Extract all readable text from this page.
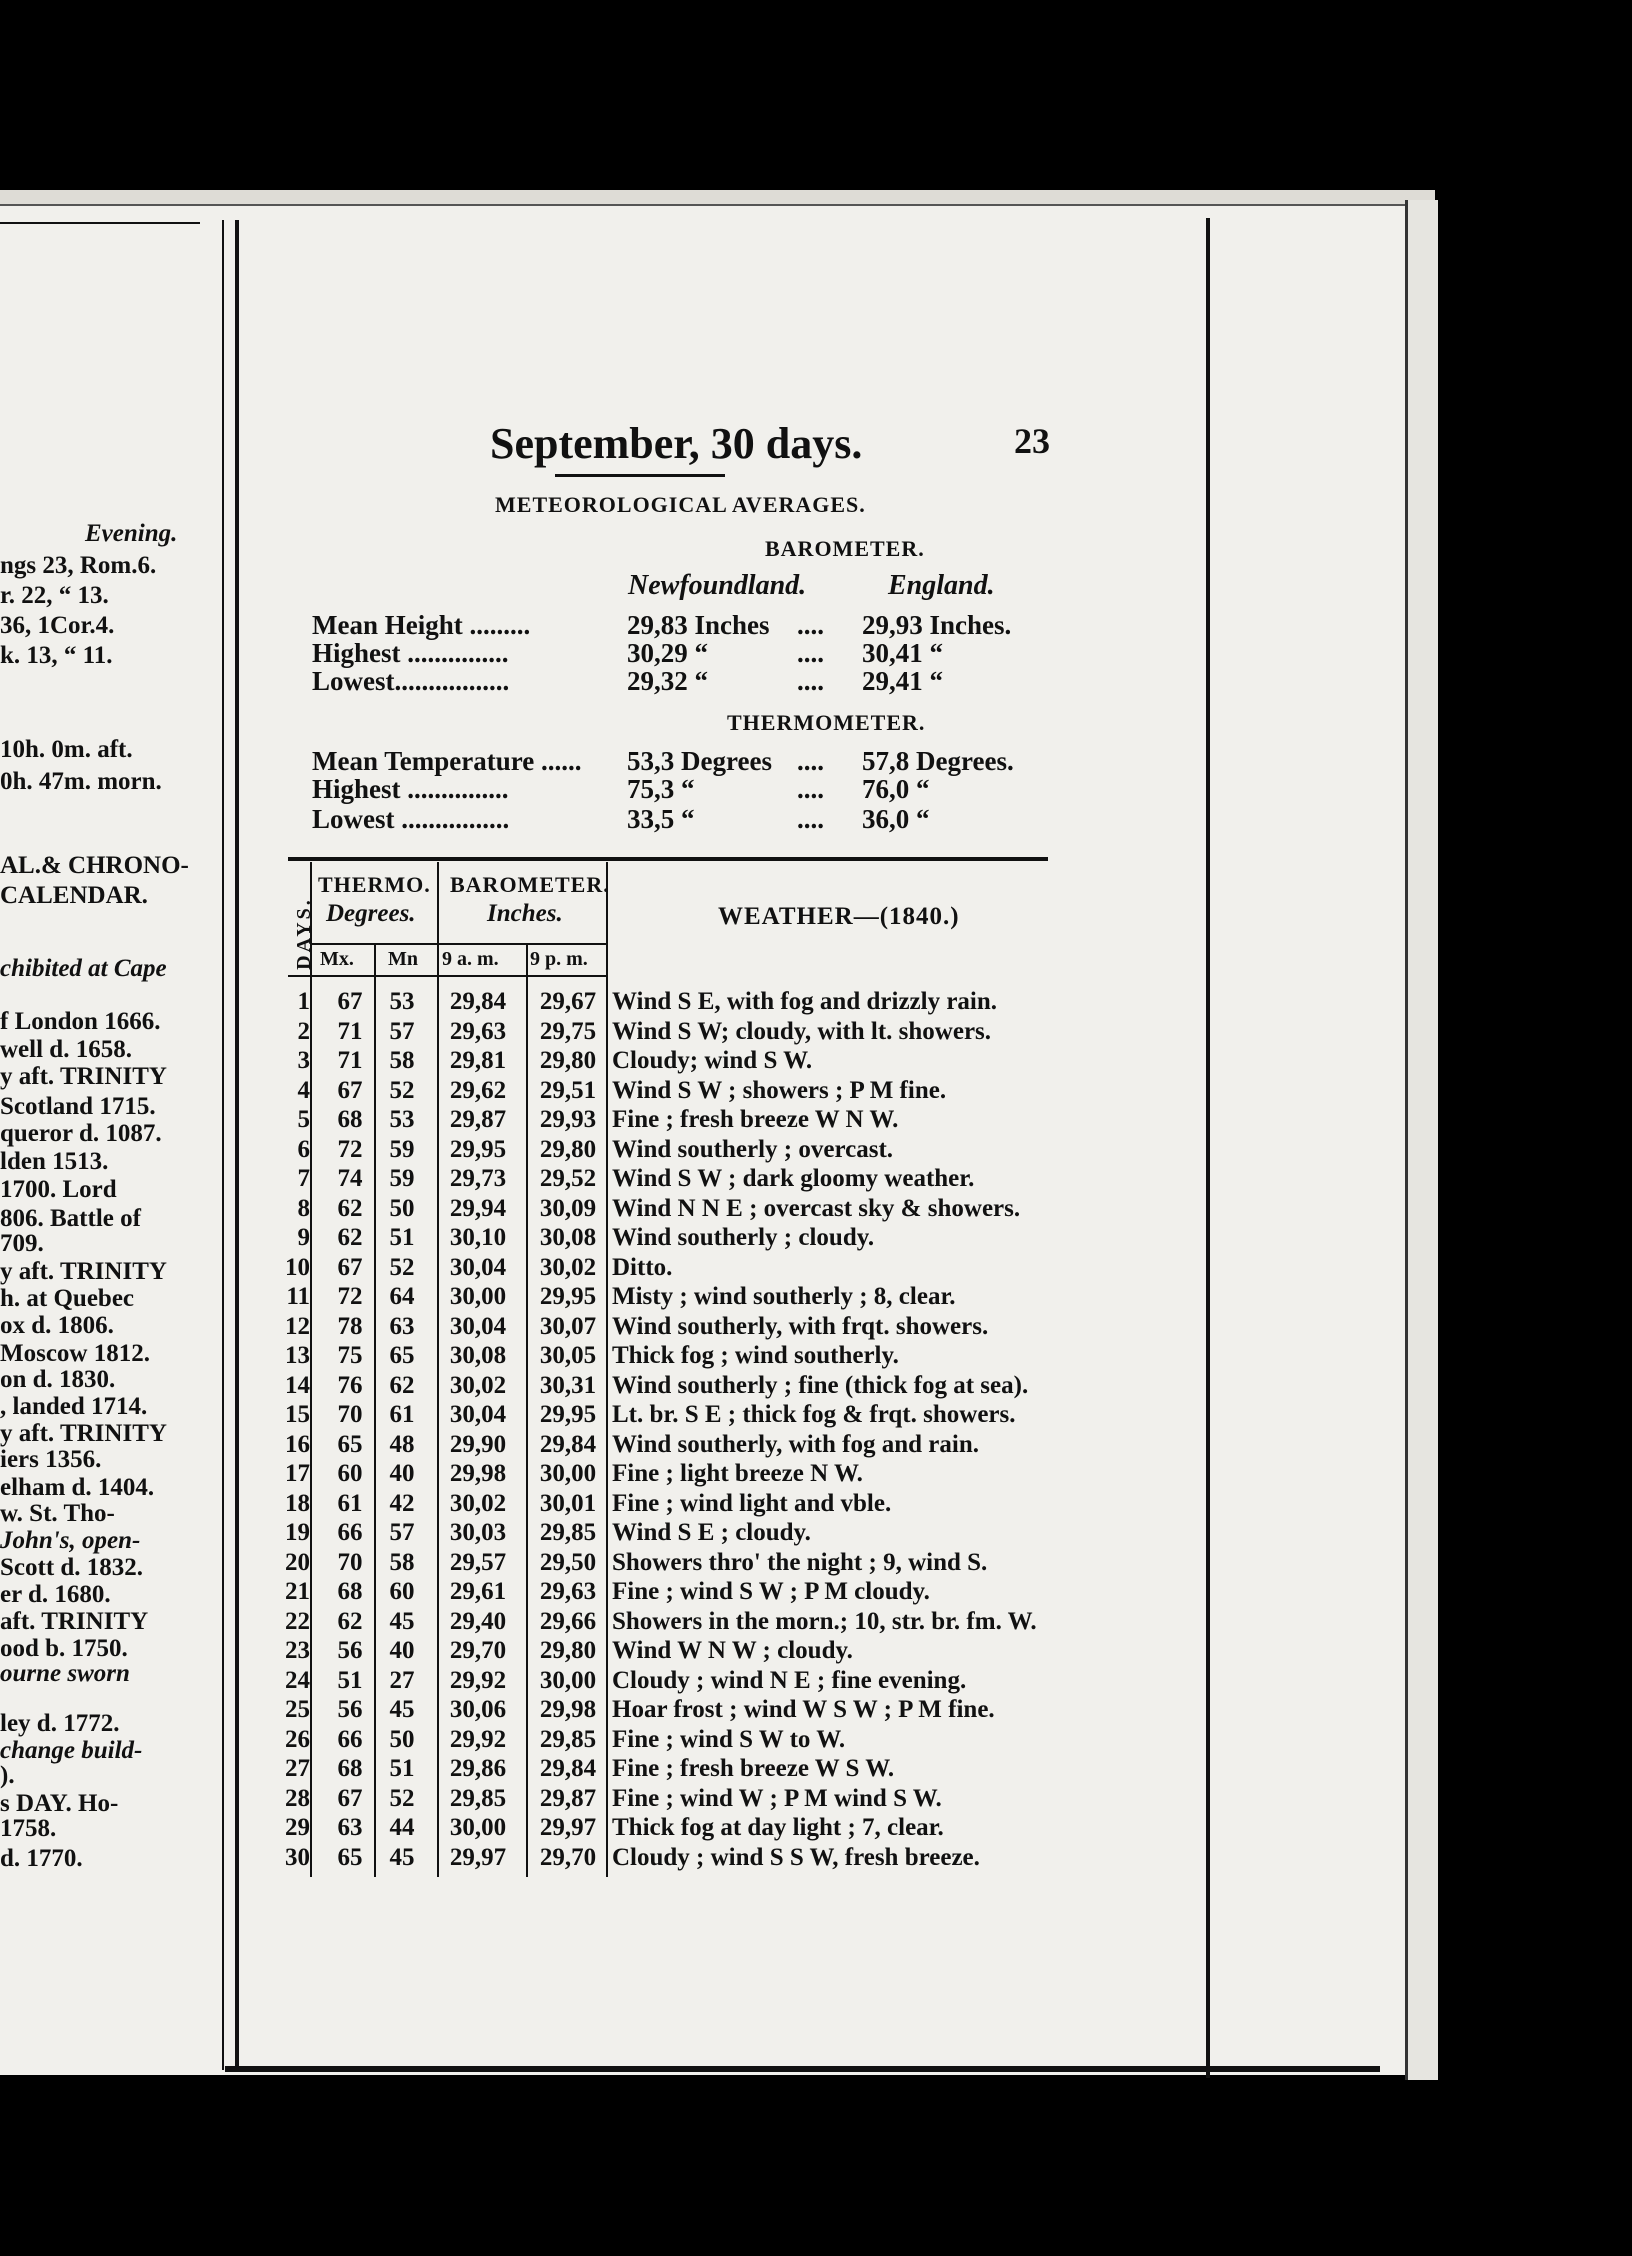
Evening.
ngs 23, Rom.6.
r. 22, “ 13.
36, 1Cor.4.
k. 13, “ 11.
10h. 0m. aft.
0h. 47m. morn.
AL.& CHRONO-
CALENDAR.
chibited at Cape
f London 1666.
well d. 1658.
y aft. TRINITY
Scotland 1715.
queror d. 1087.
lden 1513.
1700. Lord
806. Battle of
709.
y aft. TRINITY
h. at Quebec
ox d. 1806.
Moscow 1812.
on d. 1830.
, landed 1714.
y aft. TRINITY
iers 1356.
elham d. 1404.
w. St. Tho-
John's, open-
Scott d. 1832.
er d. 1680.
aft. TRINITY
ood b. 1750.
ourne sworn
ley d. 1772.
change build-
).
s DAY. Ho-
1758.
d. 1770.
September, 30 days.	23
METEOROLOGICAL AVERAGES.
BAROMETER.
Newfoundland.	England.
Mean Height .........	29,83 Inches .... 29,93 Inches.
Highest ...............	30,29 “	.... 30,41 “
Lowest.................	29,32 “	.... 29,41 “
THERMOMETER.
Mean Temperature ...... 53,3 Degrees .... 57,8 Degrees.
Highest ...............	75,3 “	.... 76,0 “
Lowest ................	33,5 “	.... 36,0 “
DAYS.
THERMO.
Degrees.
BAROMETER.
Inches.	WEATHER—(1840.)
Mx. Mn 9 a. m. 9 p. m.
1	67	53	29,84	29,67 Wind S E, with fog and drizzly rain.
2	71	57	29,63	29,75 Wind S W; cloudy, with lt. showers.
3	71	58	29,81	29,80 Cloudy; wind S W.
4	67	52	29,62	29,51 Wind S W ; showers ; P M fine.
5	68	53	29,87	29,93 Fine ; fresh breeze W N W.
6	72	59	29,95	29,80 Wind southerly ; overcast.
7	74	59	29,73	29,52 Wind S W ; dark gloomy weather.
8	62	50	29,94	30,09 Wind N N E ; overcast sky & showers.
9	62	51	30,10	30,08 Wind southerly ; cloudy.
10	67	52	30,04	30,02 Ditto.
11	72	64	30,00	29,95 Misty ; wind southerly ; 8, clear.
12	78	63	30,04	30,07 Wind southerly, with frqt. showers.
13	75	65	30,08	30,05 Thick fog ; wind southerly.
14	76	62	30,02	30,31 Wind southerly ; fine (thick fog at sea).
15	70	61	30,04	29,95 Lt. br. S E ; thick fog & frqt. showers.
16	65	48	29,90	29,84 Wind southerly, with fog and rain.
17	60	40	29,98	30,00 Fine ; light breeze N W.
18	61	42	30,02	30,01 Fine ; wind light and vble.
19	66	57	30,03	29,85 Wind S E ; cloudy.
20	70	58	29,57	29,50 Showers thro' the night ; 9, wind S.
21	68	60	29,61	29,63 Fine ; wind S W ; P M cloudy.
22	62	45	29,40	29,66 Showers in the morn.; 10, str. br. fm. W.
23	56	40	29,70	29,80 Wind W N W ; cloudy.
24	51	27	29,92	30,00 Cloudy ; wind N E ; fine evening.
25	56	45	30,06	29,98 Hoar frost ; wind W S W ; P M fine.
26	66	50	29,92	29,85 Fine ; wind S W to W.
27	68	51	29,86	29,84 Fine ; fresh breeze W S W.
28	67	52	29,85	29,87 Fine ; wind W ; P M wind S W.
29	63	44	30,00	29,97 Thick fog at day light ; 7, clear.
30	65	45	29,97	29,70 Cloudy ; wind S S W, fresh breeze.
